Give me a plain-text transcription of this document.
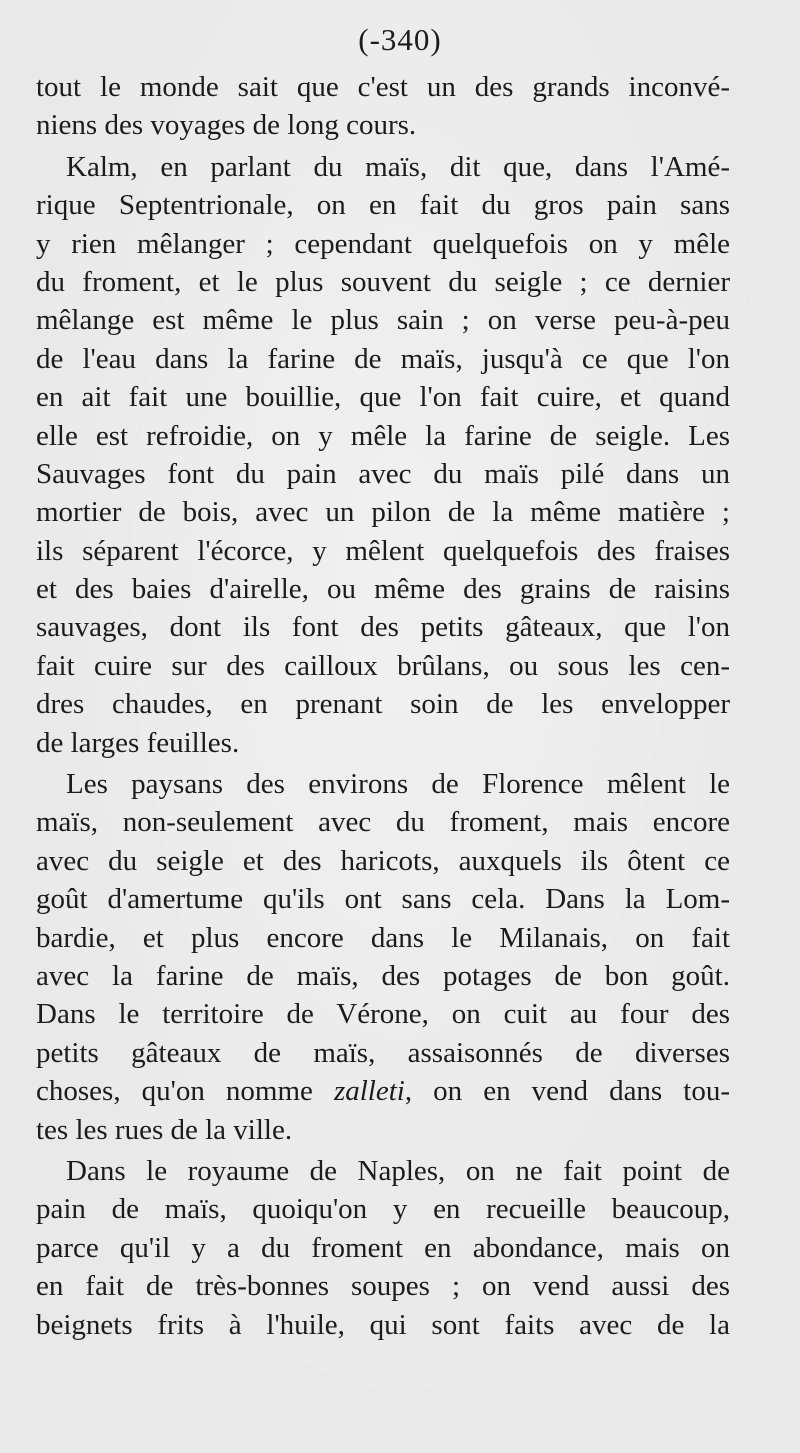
(-340)

tout le monde sait que c'est un des grands inconvé-
niens des voyages de long cours.

Kalm, en parlant du maïs, dit que, dans l'Amé-
rique Septentrionale, on en fait du gros pain sans
y rien mêlanger ; cependant quelquefois on y mêle
du froment, et le plus souvent du seigle ; ce dernier
mêlange est même le plus sain ; on verse peu-à-peu
de l'eau dans la farine de maïs, jusqu'à ce que l'on
en ait fait une bouillie, que l'on fait cuire, et quand
elle est refroidie, on y mêle la farine de seigle. Les
Sauvages font du pain avec du maïs pilé dans un
mortier de bois, avec un pilon de la même matière ;
ils séparent l'écorce, y mêlent quelquefois des fraises
et des baies d'airelle, ou même des grains de raisins
sauvages, dont ils font des petits gâteaux, que l'on
fait cuire sur des cailloux brûlans, ou sous les cen-
dres chaudes, en prenant soin de les envelopper
de larges feuilles.

Les paysans des environs de Florence mêlent le
maïs, non-seulement avec du froment, mais encore
avec du seigle et des haricots, auxquels ils ôtent ce
goût d'amertume qu'ils ont sans cela. Dans la Lom-
bardie, et plus encore dans le Milanais, on fait
avec la farine de maïs, des potages de bon goût.
Dans le territoire de Vérone, on cuit au four des
petits gâteaux de maïs, assaisonnés de diverses
choses, qu'on nomme zalleti, on en vend dans tou-
tes les rues de la ville.

Dans le royaume de Naples, on ne fait point de
pain de maïs, quoiqu'on y en recueille beaucoup,
parce qu'il y a du froment en abondance, mais on
en fait de très-bonnes soupes ; on vend aussi des
beignets frits à l'huile, qui sont faits avec de la
